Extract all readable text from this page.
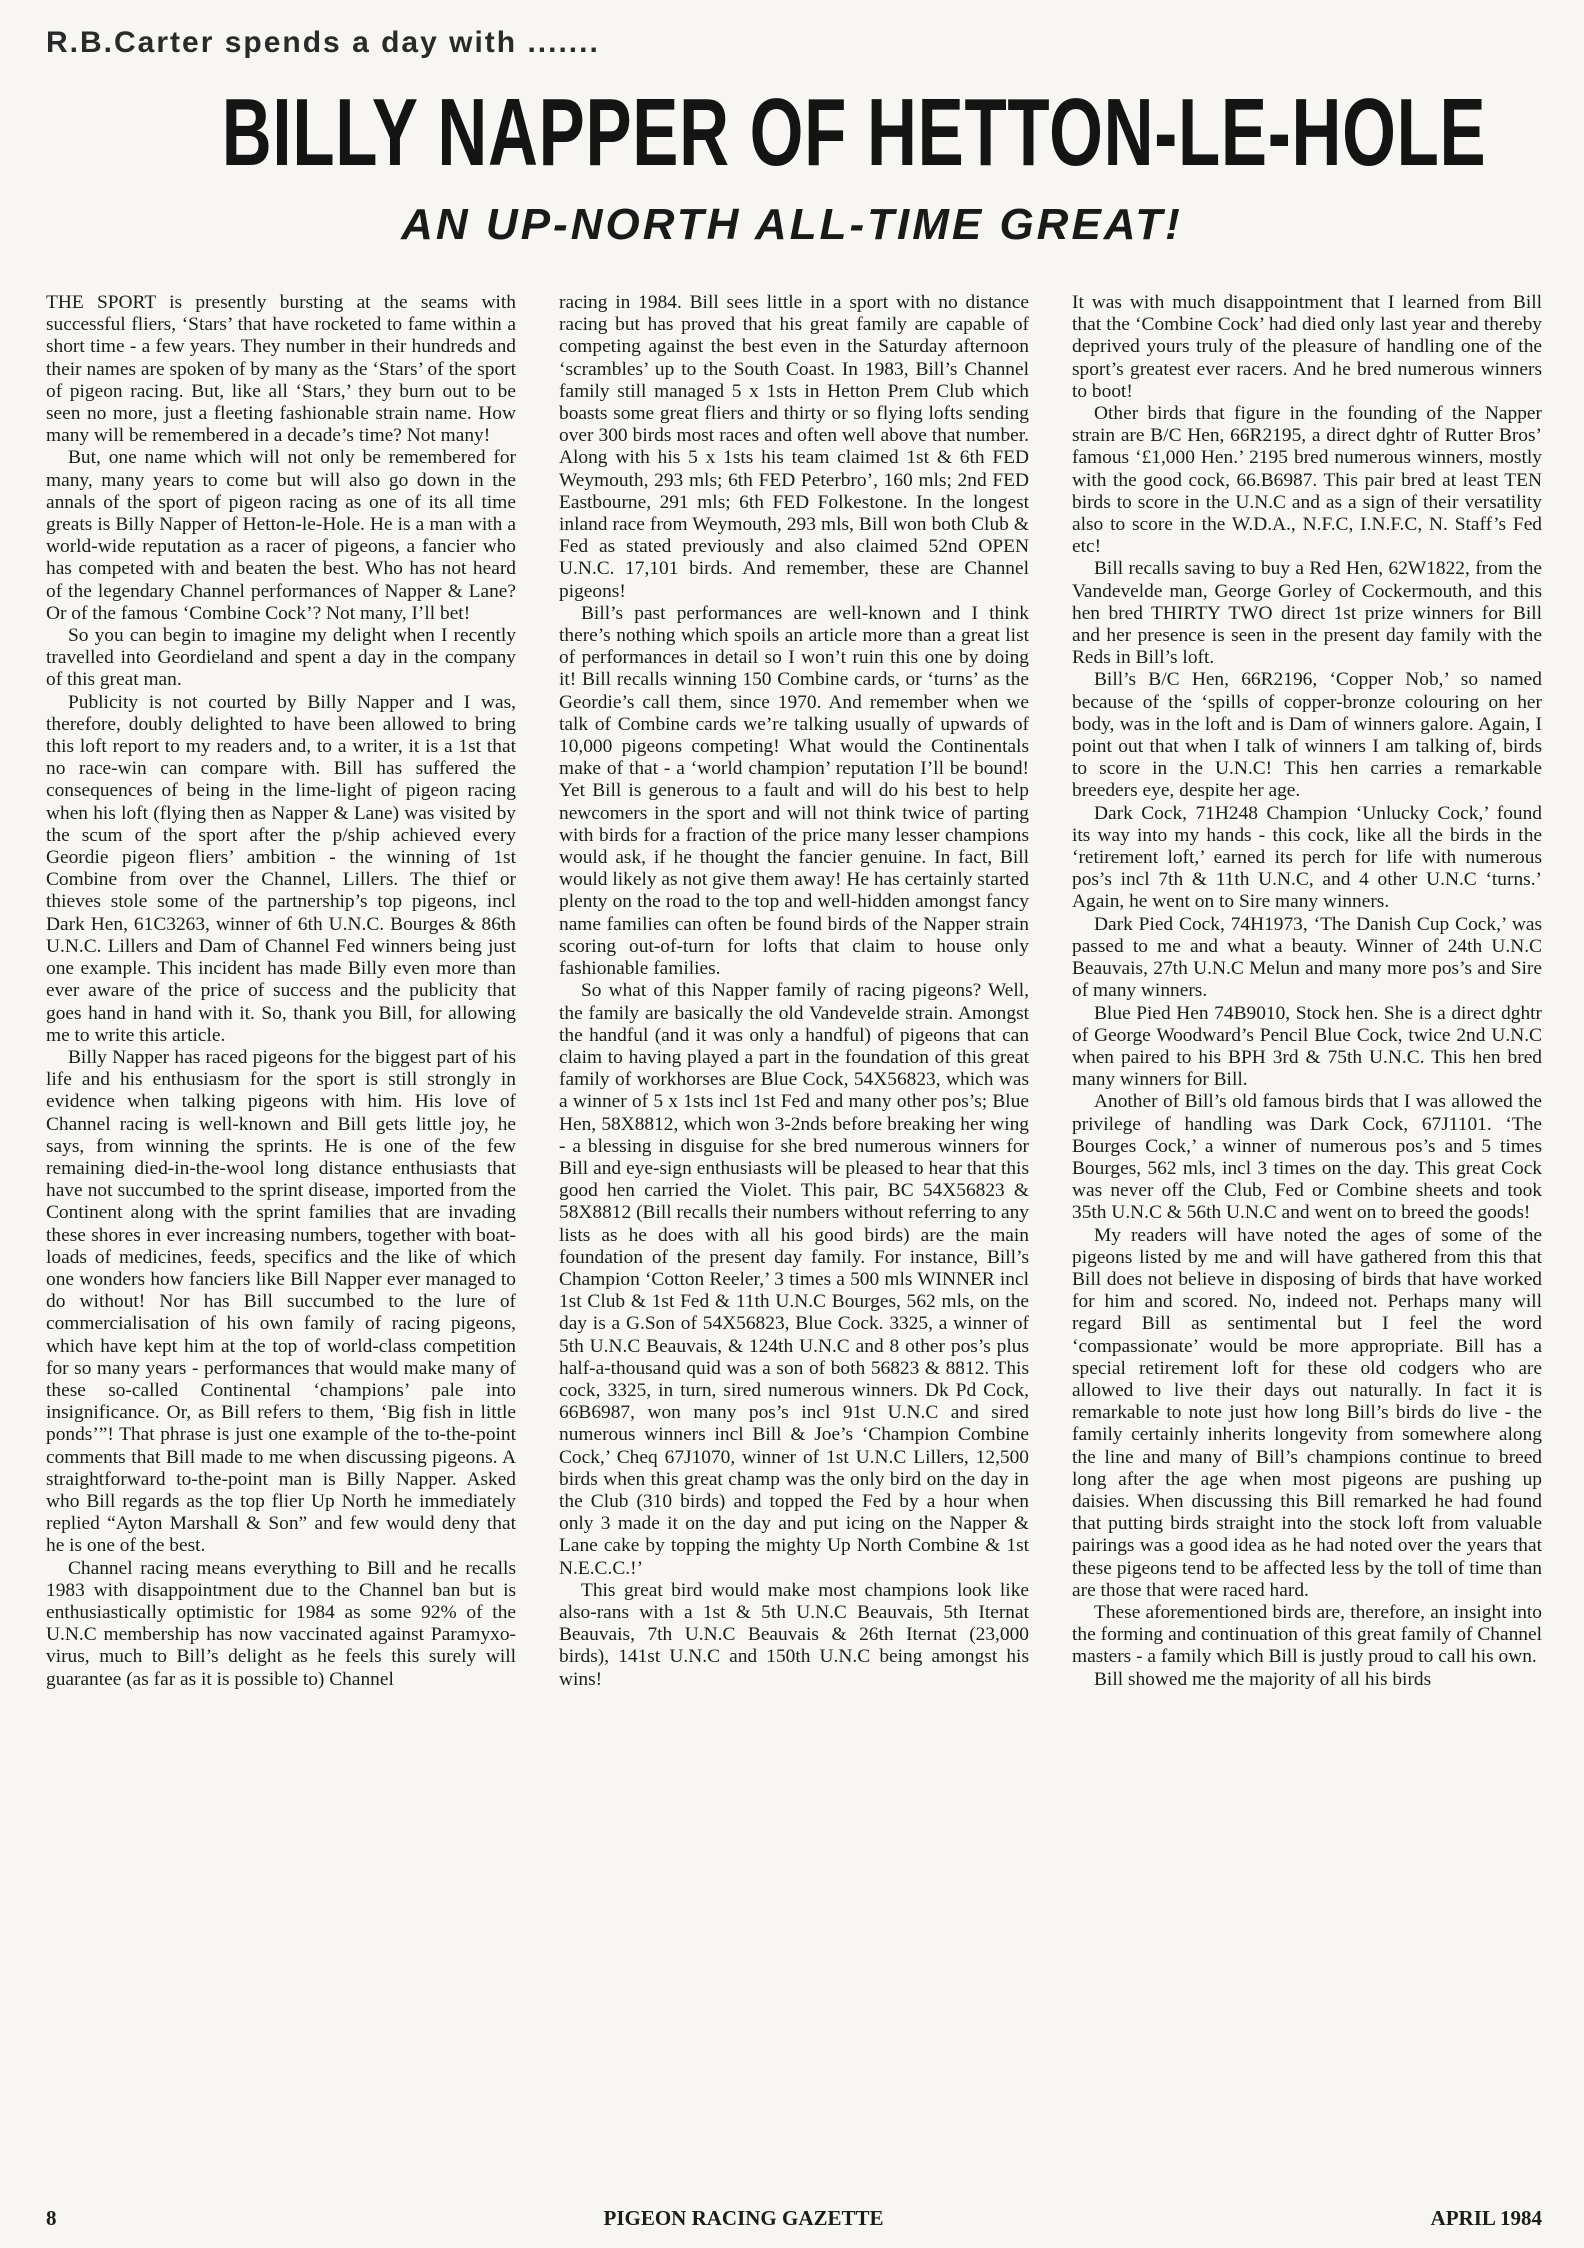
R.B.Carter spends a day with .......
BILLY NAPPER OF HETTON-LE-HOLE
AN UP-NORTH ALL-TIME GREAT!

THE SPORT is presently bursting at the seams with successful fliers, ‘Stars’ that have rocketed to fame within a short time - a few years. They number in their hundreds and their names are spoken of by many as the ‘Stars’ of the sport of pigeon racing. But, like all ‘Stars,’ they burn out to be seen no more, just a fleeting fashionable strain name. How many will be remembered in a decade’s time? Not many!

But, one name which will not only be remembered for many, many years to come but will also go down in the annals of the sport of pigeon racing as one of its all time greats is Billy Napper of Hetton-le-Hole. He is a man with a world-wide reputation as a racer of pigeons, a fancier who has competed with and beaten the best. Who has not heard of the legendary Channel performances of Napper & Lane? Or of the famous ‘Combine Cock’? Not many, I’ll bet!

So you can begin to imagine my delight when I recently travelled into Geordieland and spent a day in the company of this great man.

Publicity is not courted by Billy Napper and I was, therefore, doubly delighted to have been allowed to bring this loft report to my readers and, to a writer, it is a 1st that no race-win can compare with. Bill has suffered the consequences of being in the lime-light of pigeon racing when his loft (flying then as Napper & Lane) was visited by the scum of the sport after the p/ship achieved every Geordie pigeon fliers’ ambition - the winning of 1st Combine from over the Channel, Lillers. The thief or thieves stole some of the partnership’s top pigeons, incl Dark Hen, 61C3263, winner of 6th U.N.C. Bourges & 86th U.N.C. Lillers and Dam of Channel Fed winners being just one example. This incident has made Billy even more than ever aware of the price of success and the publicity that goes hand in hand with it. So, thank you Bill, for allowing me to write this article.

Billy Napper has raced pigeons for the biggest part of his life and his enthusiasm for the sport is still strongly in evidence when talking pigeons with him. His love of Channel racing is well-known and Bill gets little joy, he says, from winning the sprints. He is one of the few remaining died-in-the-wool long distance enthusiasts that have not succumbed to the sprint disease, imported from the Continent along with the sprint families that are invading these shores in ever increasing numbers, together with boat-loads of medicines, feeds, specifics and the like of which one wonders how fanciers like Bill Napper ever managed to do without! Nor has Bill succumbed to the lure of commercialisation of his own family of racing pigeons, which have kept him at the top of world-class competition for so many years - performances that would make many of these so-called Continental ‘champions’ pale into insignificance. Or, as Bill refers to them, ‘Big fish in little ponds’”! That phrase is just one example of the to-the-point comments that Bill made to me when discussing pigeons. A straightforward to-the-point man is Billy Napper. Asked who Bill regards as the top flier Up North he immediately replied “Ayton Marshall & Son” and few would deny that he is one of the best.

Channel racing means everything to Bill and he recalls 1983 with disappointment due to the Channel ban but is enthusiastically optimistic for 1984 as some 92% of the U.N.C membership has now vaccinated against Paramyxo-virus, much to Bill’s delight as he feels this surely will guarantee (as far as it is possible to) Channel

racing in 1984. Bill sees little in a sport with no distance racing but has proved that his great family are capable of competing against the best even in the Saturday afternoon ‘scrambles’ up to the South Coast. In 1983, Bill’s Channel family still managed 5 x 1sts in Hetton Prem Club which boasts some great fliers and thirty or so flying lofts sending over 300 birds most races and often well above that number. Along with his 5 x 1sts his team claimed 1st & 6th FED Weymouth, 293 mls; 6th FED Peterbro’, 160 mls; 2nd FED Eastbourne, 291 mls; 6th FED Folkestone. In the longest inland race from Weymouth, 293 mls, Bill won both Club & Fed as stated previously and also claimed 52nd OPEN U.N.C. 17,101 birds. And remember, these are Channel pigeons!

Bill’s past performances are well-known and I think there’s nothing which spoils an article more than a great list of performances in detail so I won’t ruin this one by doing it! Bill recalls winning 150 Combine cards, or ‘turns’ as the Geordie’s call them, since 1970. And remember when we talk of Combine cards we’re talking usually of upwards of 10,000 pigeons competing! What would the Continentals make of that - a ‘world champion’ reputation I’ll be bound! Yet Bill is generous to a fault and will do his best to help newcomers in the sport and will not think twice of parting with birds for a fraction of the price many lesser champions would ask, if he thought the fancier genuine. In fact, Bill would likely as not give them away! He has certainly started plenty on the road to the top and well-hidden amongst fancy name families can often be found birds of the Napper strain scoring out-of-turn for lofts that claim to house only fashionable families.

So what of this Napper family of racing pigeons? Well, the family are basically the old Vandevelde strain. Amongst the handful (and it was only a handful) of pigeons that can claim to having played a part in the foundation of this great family of workhorses are Blue Cock, 54X56823, which was a winner of 5 x 1sts incl 1st Fed and many other pos’s; Blue Hen, 58X8812, which won 3-2nds before breaking her wing - a blessing in disguise for she bred numerous winners for Bill and eye-sign enthusiasts will be pleased to hear that this good hen carried the Violet. This pair, BC 54X56823 & 58X8812 (Bill recalls their numbers without referring to any lists as he does with all his good birds) are the main foundation of the present day family. For instance, Bill’s Champion ‘Cotton Reeler,’ 3 times a 500 mls WINNER incl 1st Club & 1st Fed & 11th U.N.C Bourges, 562 mls, on the day is a G.Son of 54X56823, Blue Cock. 3325, a winner of 5th U.N.C Beauvais, & 124th U.N.C and 8 other pos’s plus half-a-thousand quid was a son of both 56823 & 8812. This cock, 3325, in turn, sired numerous winners. Dk Pd Cock, 66B6987, won many pos’s incl 91st U.N.C and sired numerous winners incl Bill & Joe’s ‘Champion Combine Cock,’ Cheq 67J1070, winner of 1st U.N.C Lillers, 12,500 birds when this great champ was the only bird on the day in the Club (310 birds) and topped the Fed by a hour when only 3 made it on the day and put icing on the Napper & Lane cake by topping the mighty Up North Combine & 1st N.E.C.C.!’

This great bird would make most champions look like also-rans with a 1st & 5th U.N.C Beauvais, 5th Iternat Beauvais, 7th U.N.C Beauvais & 26th Iternat (23,000 birds), 141st U.N.C and 150th U.N.C being amongst his wins!

It was with much disappointment that I learned from Bill that the ‘Combine Cock’ had died only last year and thereby deprived yours truly of the pleasure of handling one of the sport’s greatest ever racers. And he bred numerous winners to boot!

Other birds that figure in the founding of the Napper strain are B/C Hen, 66R2195, a direct dghtr of Rutter Bros’ famous ‘£1,000 Hen.’ 2195 bred numerous winners, mostly with the good cock, 66.B6987. This pair bred at least TEN birds to score in the U.N.C and as a sign of their versatility also to score in the W.D.A., N.F.C, I.N.F.C, N. Staff’s Fed etc!

Bill recalls saving to buy a Red Hen, 62W1822, from the Vandevelde man, George Gorley of Cockermouth, and this hen bred THIRTY TWO direct 1st prize winners for Bill and her presence is seen in the present day family with the Reds in Bill’s loft.

Bill’s B/C Hen, 66R2196, ‘Copper Nob,’ so named because of the ‘spills of copper-bronze colouring on her body, was in the loft and is Dam of winners galore. Again, I point out that when I talk of winners I am talking of, birds to score in the U.N.C! This hen carries a remarkable breeders eye, despite her age.

Dark Cock, 71H248 Champion ‘Unlucky Cock,’ found its way into my hands - this cock, like all the birds in the ‘retirement loft,’ earned its perch for life with numerous pos’s incl 7th & 11th U.N.C, and 4 other U.N.C ‘turns.’ Again, he went on to Sire many winners.

Dark Pied Cock, 74H1973, ‘The Danish Cup Cock,’ was passed to me and what a beauty. Winner of 24th U.N.C Beauvais, 27th U.N.C Melun and many more pos’s and Sire of many winners.

Blue Pied Hen 74B9010, Stock hen. She is a direct dghtr of George Woodward’s Pencil Blue Cock, twice 2nd U.N.C when paired to his BPH 3rd & 75th U.N.C. This hen bred many winners for Bill.

Another of Bill’s old famous birds that I was allowed the privilege of handling was Dark Cock, 67J1101. ‘The Bourges Cock,’ a winner of numerous pos’s and 5 times Bourges, 562 mls, incl 3 times on the day. This great Cock was never off the Club, Fed or Combine sheets and took 35th U.N.C & 56th U.N.C and went on to breed the goods!

My readers will have noted the ages of some of the pigeons listed by me and will have gathered from this that Bill does not believe in disposing of birds that have worked for him and scored. No, indeed not. Perhaps many will regard Bill as sentimental but I feel the word ‘compassionate’ would be more appropriate. Bill has a special retirement loft for these old codgers who are allowed to live their days out naturally. In fact it is remarkable to note just how long Bill’s birds do live - the family certainly inherits longevity from somewhere along the line and many of Bill’s champions continue to breed long after the age when most pigeons are pushing up daisies. When discussing this Bill remarked he had found that putting birds straight into the stock loft from valuable pairings was a good idea as he had noted over the years that these pigeons tend to be affected less by the toll of time than are those that were raced hard.

These aforementioned birds are, therefore, an insight into the forming and continuation of this great family of Channel masters - a family which Bill is justly proud to call his own.

Bill showed me the majority of all his birds

8	PIGEON RACING GAZETTE	APRIL 1984
